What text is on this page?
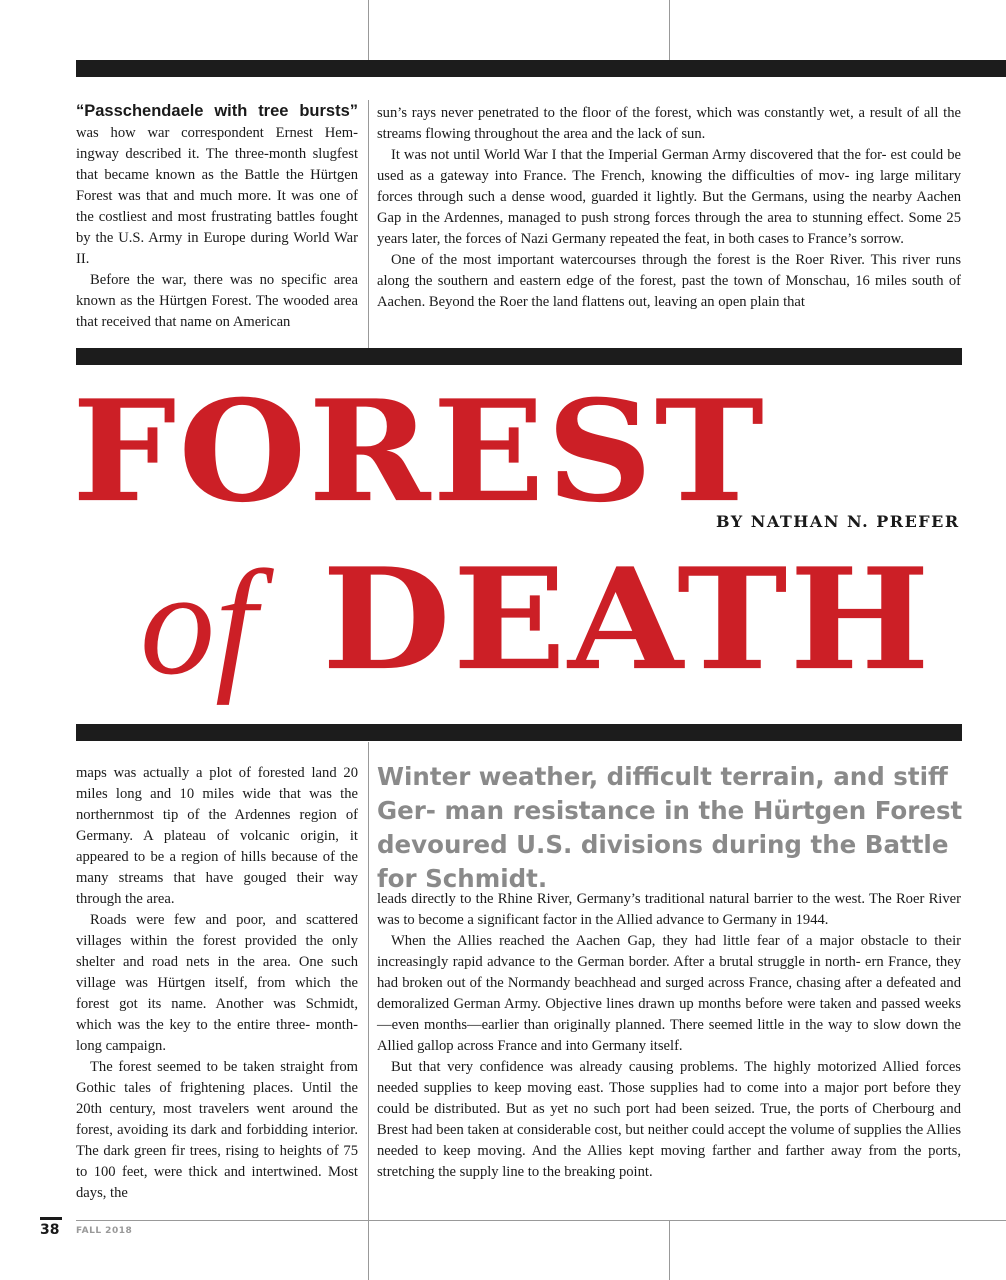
“Passchendaele with tree bursts” was how war correspondent Ernest Hem- ingway described it. The three-month slugfest that became known as the Battle the Hürtgen Forest was that and much more. It was one of the costliest and most frustrating battles fought by the U.S. Army in Europe during World War II.

Before the war, there was no specific area known as the Hürtgen Forest. The wooded area that received that name on American

sun’s rays never penetrated to the floor of the forest, which was constantly wet, a result of all the streams flowing throughout the area and the lack of sun.

It was not until World War I that the Imperial German Army discovered that the for- est could be used as a gateway into France. The French, knowing the difficulties of mov- ing large military forces through such a dense wood, guarded it lightly. But the Germans, using the nearby Aachen Gap in the Ardennes, managed to push strong forces through the area to stunning effect. Some 25 years later, the forces of Nazi Germany repeated the feat, in both cases to France’s sorrow.

One of the most important watercourses through the forest is the Roer River. This river runs along the southern and eastern edge of the forest, past the town of Monschau, 16 miles south of Aachen. Beyond the Roer the land flattens out, leaving an open plain that

FOREST
BY NATHAN N. PREFER
of DEATH

maps was actually a plot of forested land 20 miles long and 10 miles wide that was the northernmost tip of the Ardennes region of Germany. A plateau of volcanic origin, it appeared to be a region of hills because of the many streams that have gouged their way through the area.

Roads were few and poor, and scattered villages within the forest provided the only shelter and road nets in the area. One such village was Hürtgen itself, from which the forest got its name. Another was Schmidt, which was the key to the entire three- month-long campaign.

The forest seemed to be taken straight from Gothic tales of frightening places. Until the 20th century, most travelers went around the forest, avoiding its dark and forbidding interior. The dark green fir trees, rising to heights of 75 to 100 feet, were thick and intertwined. Most days, the

Winter weather, difficult terrain, and stiff Ger- man resistance in the Hürtgen Forest devoured U.S. divisions during the Battle for Schmidt.

leads directly to the Rhine River, Germany’s traditional natural barrier to the west. The Roer River was to become a significant factor in the Allied advance to Germany in 1944.

When the Allies reached the Aachen Gap, they had little fear of a major obstacle to their increasingly rapid advance to the German border. After a brutal struggle in north- ern France, they had broken out of the Normandy beachhead and surged across France, chasing after a defeated and demoralized German Army. Objective lines drawn up months before were taken and passed weeks—even months—earlier than originally planned. There seemed little in the way to slow down the Allied gallop across France and into Germany itself.

But that very confidence was already causing problems. The highly motorized Allied forces needed supplies to keep moving east. Those supplies had to come into a major port before they could be distributed. But as yet no such port had been seized. True, the ports of Cherbourg and Brest had been taken at considerable cost, but neither could accept the volume of supplies the Allies needed to keep moving. And the Allies kept moving farther and farther away from the ports, stretching the supply line to the breaking point.

38 FALL 2018
